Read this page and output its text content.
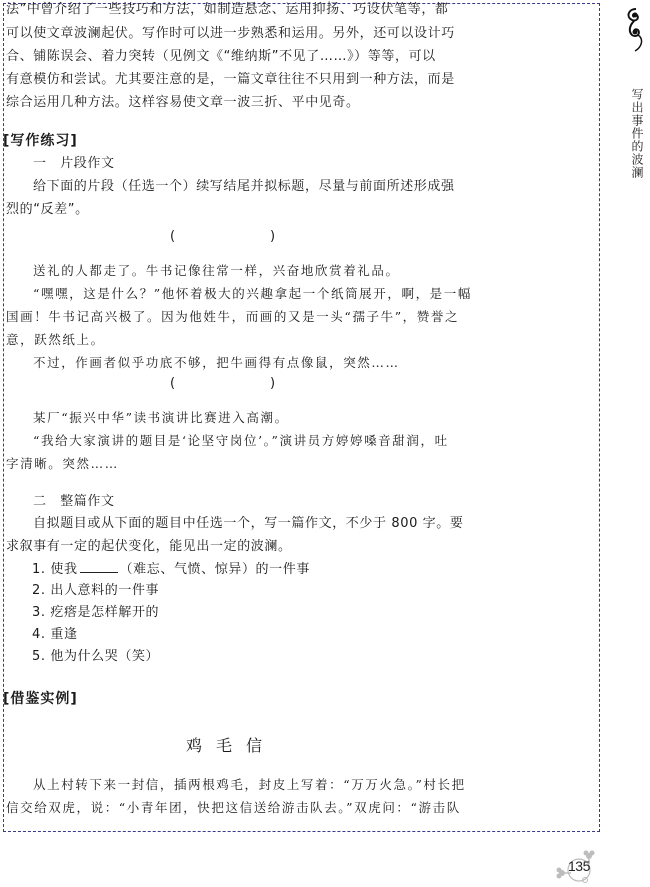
法”中曾介绍了一些技巧和方法，如制造悬念、运用抑扬、巧设伏笔等，都
可以使文章波澜起伏。写作时可以进一步熟悉和运用。另外，还可以设计巧
合、铺陈误会、着力突转（见例文《“维纳斯”不见了……》）等等，可以
有意模仿和尝试。尤其要注意的是，一篇文章往往不只用到一种方法，而是
综合运用几种方法。这样容易使文章一波三折、平中见奇。
[写作练习]
一　片段作文
给下面的片段（任选一个）续写结尾并拟标题，尽量与前面所述形成强
烈的“反差”。
(	)
送礼的人都走了。牛书记像往常一样，兴奋地欣赏着礼品。
“嘿嘿，这是什么？”他怀着极大的兴趣拿起一个纸筒展开，啊，是一幅
国画！牛书记高兴极了。因为他姓牛，而画的又是一头“孺子牛”，赞誉之
意，跃然纸上。
不过，作画者似乎功底不够，把牛画得有点像鼠，突然……
(	)
某厂“振兴中华”读书演讲比赛进入高潮。
“我给大家演讲的题目是‘论坚守岗位’。”演讲员方婷婷嗓音甜润，吐
字清晰。突然……
二　整篇作文
自拟题目或从下面的题目中任选一个，写一篇作文，不少于 800 字。要
求叙事有一定的起伏变化，能见出一定的波澜。
1. 使我	（难忘、气愤、惊异）的一件事
2. 出人意料的一件事
3. 疙瘩是怎样解开的
4. 重逢
5. 他为什么哭（笑）
[借鉴实例]
鸡毛信
从上村转下来一封信，插两根鸡毛，封皮上写着：“万万火急。”村长把
信交给双虎，说：“小青年团，快把这信送给游击队去。”双虎问：“游击队
写出事件的波澜
135
